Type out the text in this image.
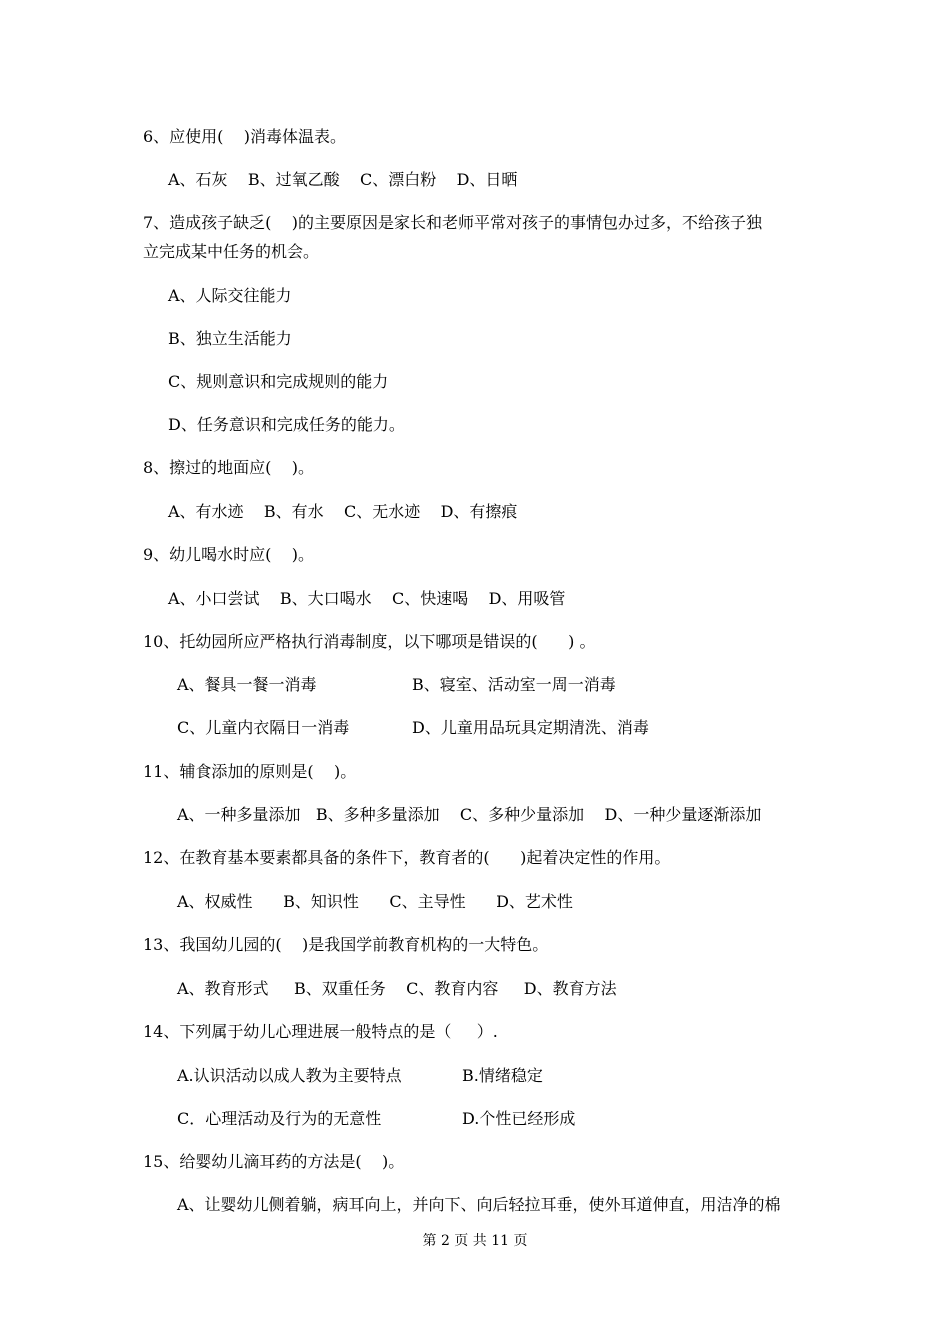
6、应使用(    )消毒体温表。
A、石灰    B、过氧乙酸    C、漂白粉    D、日晒
7、造成孩子缺乏(    )的主要原因是家长和老师平常对孩子的事情包办过多，不给孩子独
立完成某中任务的机会。
A、人际交往能力
B、独立生活能力
C、规则意识和完成规则的能力
D、任务意识和完成任务的能力。
8、擦过的地面应(    )。
A、有水迹    B、有水    C、无水迹    D、有擦痕
9、幼儿喝水时应(    )。
A、小口尝试    B、大口喝水    C、快速喝    D、用吸管
10、托幼园所应严格执行消毒制度，以下哪项是错误的(      ) 。
A、餐具一餐一消毒	B、寝室、活动室一周一消毒
C、儿童内衣隔日一消毒	D、儿童用品玩具定期清洗、消毒
11、辅食添加的原则是(    )。
A、一种多量添加   B、多种多量添加    C、多种少量添加    D、一种少量逐渐添加
12、在教育基本要素都具备的条件下，教育者的(      )起着决定性的作用。
A、权威性      B、知识性      C、主导性      D、艺术性
13、我国幼儿园的(    )是我国学前教育机构的一大特色。
A、教育形式     B、双重任务    C、教育内容     D、教育方法
14、下列属于幼儿心理进展一般特点的是（     ）.
A.认识活动以成人教为主要特点	B.情绪稳定
C．心理活动及行为的无意性	D.个性已经形成
15、给婴幼儿滴耳药的方法是(    )。
A、让婴幼儿侧着躺，病耳向上，并向下、向后轻拉耳垂，使外耳道伸直，用洁净的棉
第 2 页 共 11 页
